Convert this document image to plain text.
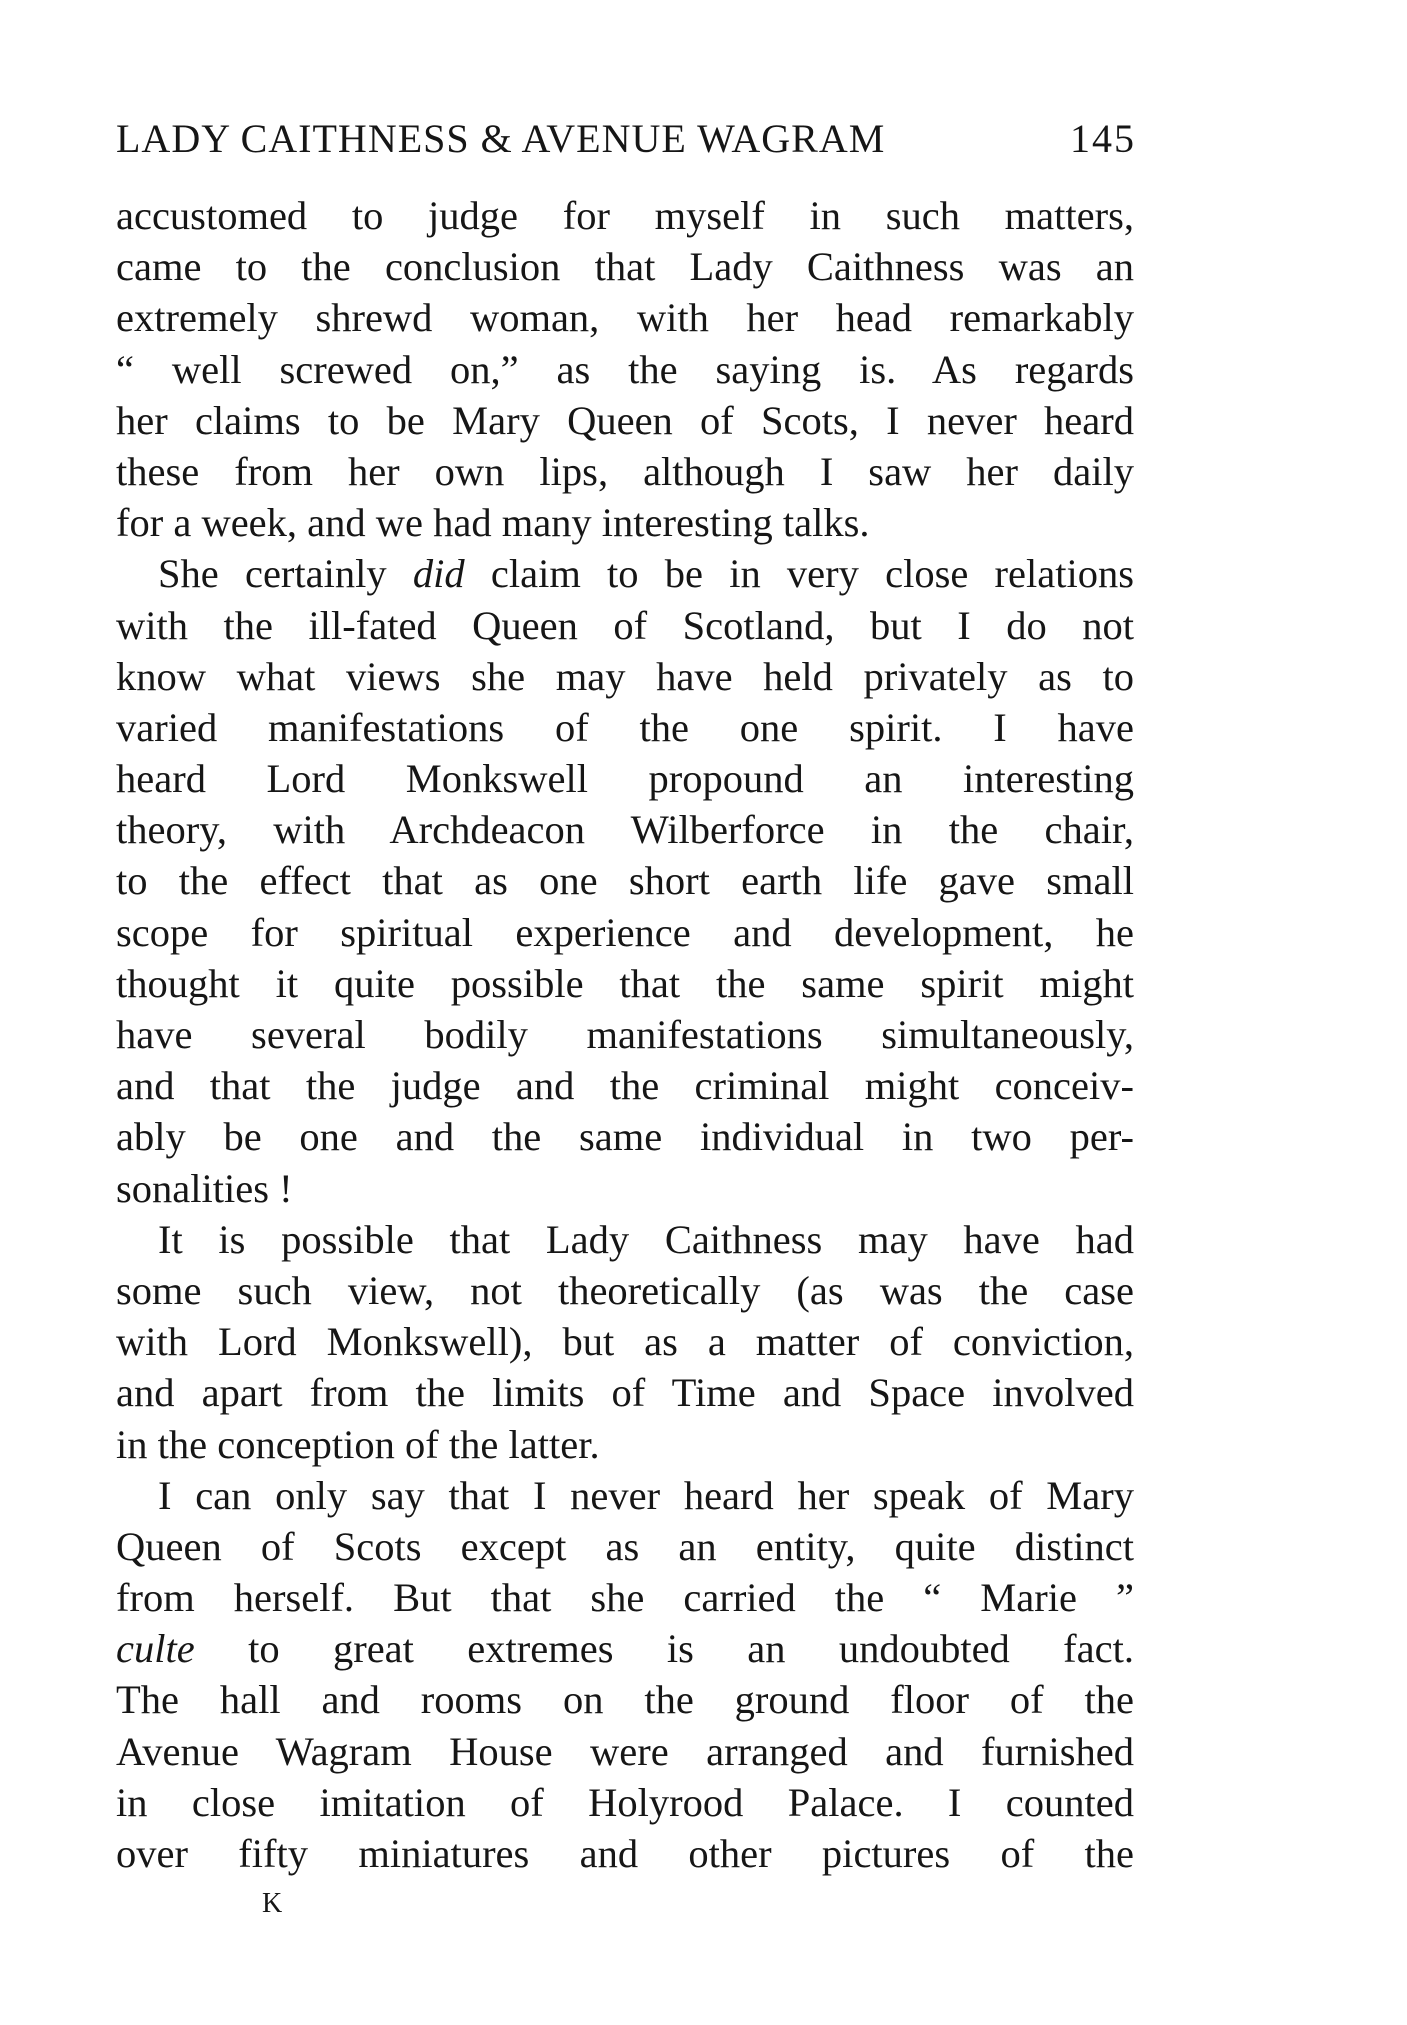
LADY CAITHNESS & AVENUE WAGRAM	145
accustomed to judge for myself in such matters,
came to the conclusion that Lady Caithness was an
extremely shrewd woman, with her head remarkably
“ well screwed on,” as the saying is. As regards
her claims to be Mary Queen of Scots, I never heard
these from her own lips, although I saw her daily
for a week, and we had many interesting talks.
She certainly did claim to be in very close relations
with the ill-fated Queen of Scotland, but I do not
know what views she may have held privately as to
varied manifestations of the one spirit. I have
heard Lord Monkswell propound an interesting
theory, with Archdeacon Wilberforce in the chair,
to the effect that as one short earth life gave small
scope for spiritual experience and development, he
thought it quite possible that the same spirit might
have several bodily manifestations simultaneously,
and that the judge and the criminal might conceiv-
ably be one and the same individual in two per-
sonalities !
It is possible that Lady Caithness may have had
some such view, not theoretically (as was the case
with Lord Monkswell), but as a matter of conviction,
and apart from the limits of Time and Space involved
in the conception of the latter.
I can only say that I never heard her speak of Mary
Queen of Scots except as an entity, quite distinct
from herself. But that she carried the “ Marie ”
culte to great extremes is an undoubted fact.
The hall and rooms on the ground floor of the
Avenue Wagram House were arranged and furnished
in close imitation of Holyrood Palace. I counted
over fifty miniatures and other pictures of the
K
